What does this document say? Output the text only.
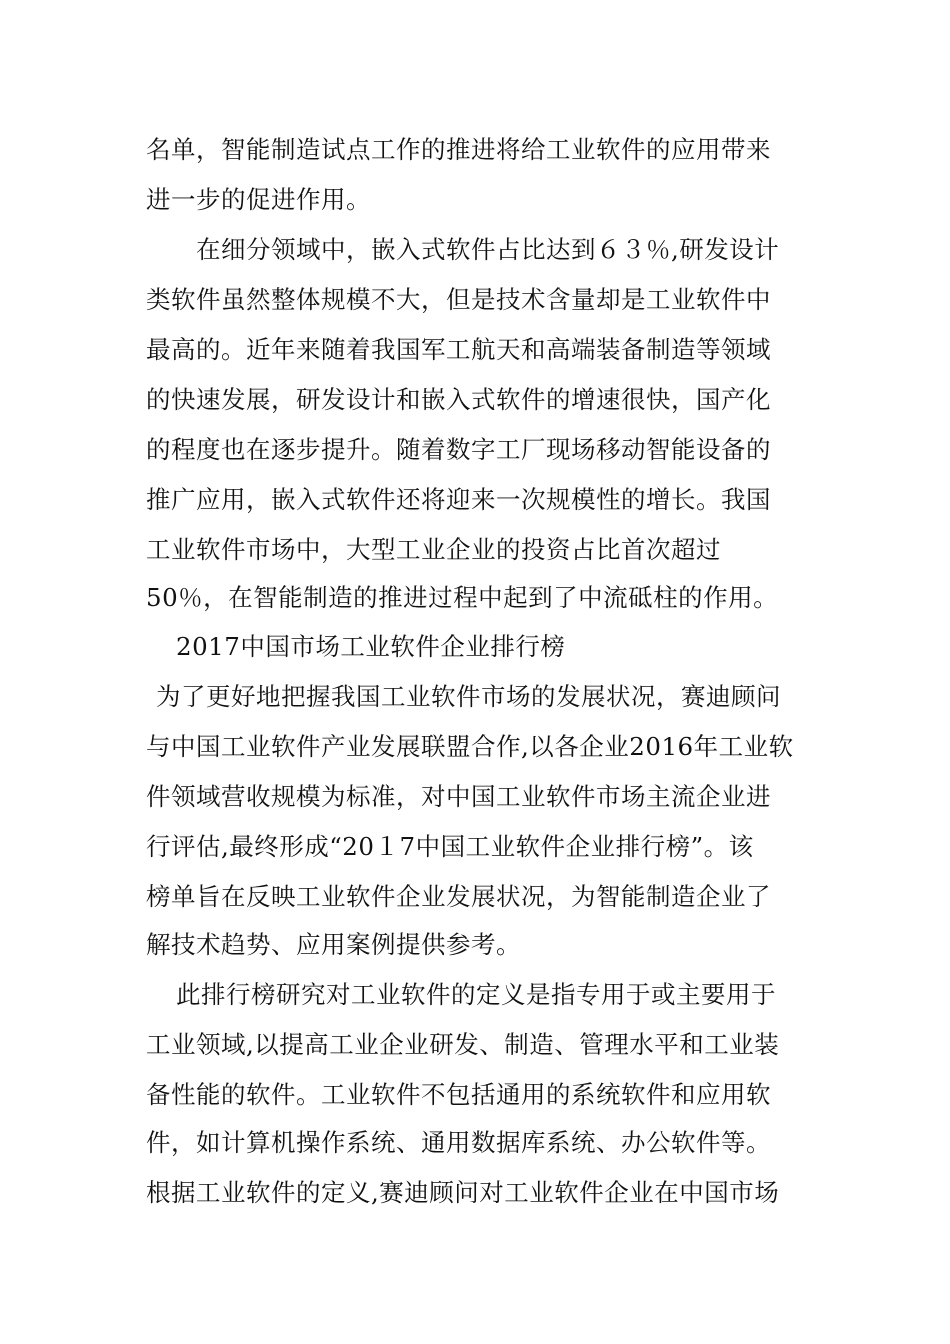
名单，智能制造试点工作的推进将给工业软件的应用带来
进一步的促进作用。
在细分领域中，嵌入式软件占比达到６３％,研发设计
类软件虽然整体规模不大，但是技术含量却是工业软件中
最高的。近年来随着我国军工航天和高端装备制造等领域
的快速发展，研发设计和嵌入式软件的增速很快，国产化
的程度也在逐步提升。随着数字工厂现场移动智能设备的
推广应用，嵌入式软件还将迎来一次规模性的增长。我国
工业软件市场中，大型工业企业的投资占比首次超过
50％，在智能制造的推进过程中起到了中流砥柱的作用。
2017中国市场工业软件企业排行榜
为了更好地把握我国工业软件市场的发展状况，赛迪顾问
与中国工业软件产业发展联盟合作,以各企业2016年工业软
件领域营收规模为标准，对中国工业软件市场主流企业进
行评估,最终形成“20１7中国工业软件企业排行榜”。该
榜单旨在反映工业软件企业发展状况，为智能制造企业了
解技术趋势、应用案例提供参考。
此排行榜研究对工业软件的定义是指专用于或主要用于
工业领域,以提高工业企业研发、制造、管理水平和工业装
备性能的软件。工业软件不包括通用的系统软件和应用软
件，如计算机操作系统、通用数据库系统、办公软件等。
根据工业软件的定义,赛迪顾问对工业软件企业在中国市场
